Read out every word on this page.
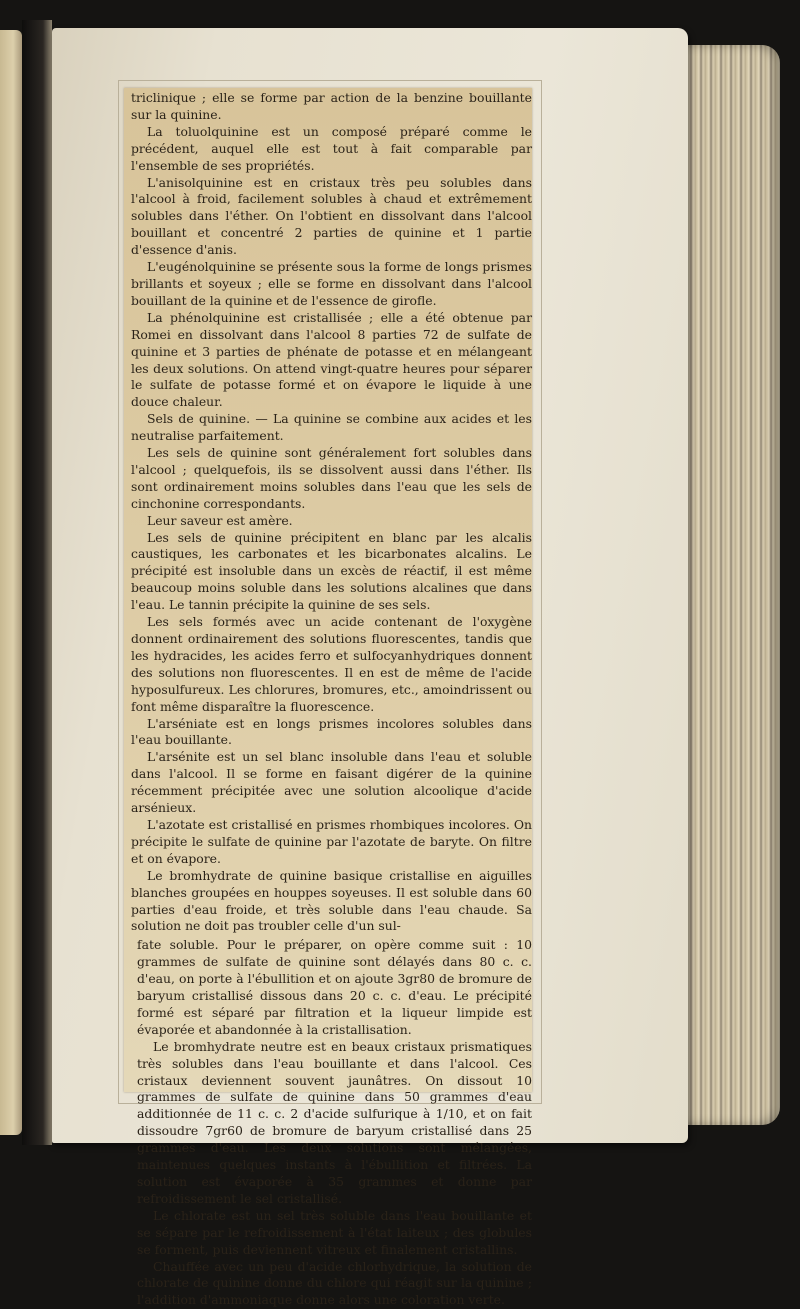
triclinique ; elle se forme par action de la benzine bouillante sur la quinine.

La toluolquinine est un composé préparé comme le précédent, auquel elle est tout à fait comparable par l'ensemble de ses propriétés.

L'anisolquinine est en cristaux très peu solubles dans l'alcool à froid, facilement solubles à chaud et extrêmement solubles dans l'éther. On l'obtient en dissolvant dans l'alcool bouillant et concentré 2 parties de quinine et 1 partie d'essence d'anis.

L'eugénolquinine se présente sous la forme de longs prismes brillants et soyeux ; elle se forme en dissolvant dans l'alcool bouillant de la quinine et de l'essence de girofle.

La phénolquinine est cristallisée ; elle a été obtenue par Romei en dissolvant dans l'alcool 8 parties 72 de sulfate de quinine et 3 parties de phénate de potasse et en mélangeant les deux solutions. On attend vingt-quatre heures pour séparer le sulfate de potasse formé et on évapore le liquide à une douce chaleur.

Sels de quinine. — La quinine se combine aux acides et les neutralise parfaitement.

Les sels de quinine sont généralement fort solubles dans l'alcool ; quelquefois, ils se dissolvent aussi dans l'éther. Ils sont ordinairement moins solubles dans l'eau que les sels de cinchonine correspondants.

Leur saveur est amère.

Les sels de quinine précipitent en blanc par les alcalis caustiques, les carbonates et les bicarbonates alcalins. Le précipité est insoluble dans un excès de réactif, il est même beaucoup moins soluble dans les solutions alcalines que dans l'eau. Le tannin précipite la quinine de ses sels.

Les sels formés avec un acide contenant de l'oxygène donnent ordinairement des solutions fluorescentes, tandis que les hydracides, les acides ferro et sulfocyanhydriques donnent des solutions non fluorescentes. Il en est de même de l'acide hyposulfureux. Les chlorures, bromures, etc., amoindrissent ou font même disparaître la fluorescence.

L'arséniate est en longs prismes incolores solubles dans l'eau bouillante.

L'arsénite est un sel blanc insoluble dans l'eau et soluble dans l'alcool. Il se forme en faisant digérer de la quinine récemment précipitée avec une solution alcoolique d'acide arsénieux.

L'azotate est cristallisé en prismes rhombiques incolores. On précipite le sulfate de quinine par l'azotate de baryte. On filtre et on évapore.

Le bromhydrate de quinine basique cristallise en aiguilles blanches groupées en houppes soyeuses. Il est soluble dans 60 parties d'eau froide, et très soluble dans l'eau chaude. Sa solution ne doit pas troubler celle d'un sul-

fate soluble. Pour le préparer, on opère comme suit : 10 grammes de sulfate de quinine sont délayés dans 80 c. c. d'eau, on porte à l'ébullition et on ajoute 3gr80 de bromure de baryum cristallisé dissous dans 20 c. c. d'eau. Le précipité formé est séparé par filtration et la liqueur limpide est évaporée et abandonnée à la cristallisation.

Le bromhydrate neutre est en beaux cristaux prismatiques très solubles dans l'eau bouillante et dans l'alcool. Ces cristaux deviennent souvent jaunâtres. On dissout 10 grammes de sulfate de quinine dans 50 grammes d'eau additionnée de 11 c. c. 2 d'acide sulfurique à 1/10, et on fait dissoudre 7gr60 de bromure de baryum cristallisé dans 25 grammes d'eau. Les deux solutions sont mélangées, maintenues quelques instants à l'ébullition et filtrées. La solution est évaporée à 35 grammes et donne par refroidissement le sel cristallisé.

Le chlorate est un sel très soluble dans l'eau bouillante et se sépare par le refroidissement à l'état laiteux ; des globules se forment, puis deviennent vitreux et finalement cristallins.

Chauffée avec un peu d'acide chlorhydrique, la solution de chlorate de quinine donne du chlore qui réagit sur la quinine ; l'addition d'ammoniaque donne alors une coloration verte.
